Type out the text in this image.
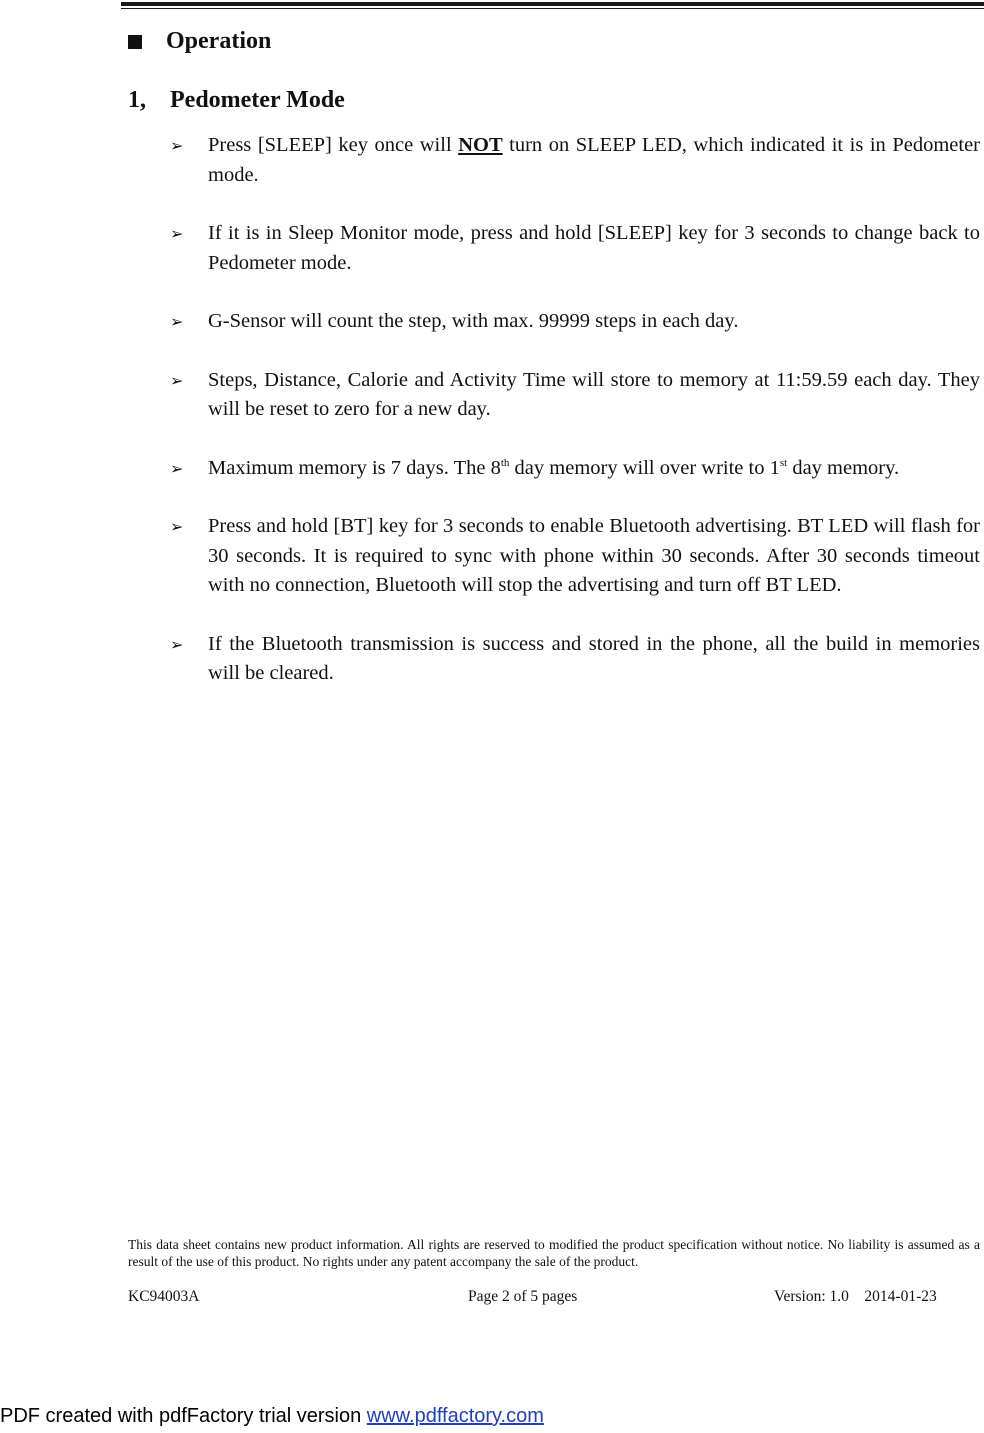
Operation
1, Pedometer Mode
➢ Press [SLEEP] key once will NOT turn on SLEEP LED, which indicated it is in Pedometer mode.
➢ If it is in Sleep Monitor mode, press and hold [SLEEP] key for 3 seconds to change back to Pedometer mode.
➢ G-Sensor will count the step, with max. 99999 steps in each day.
➢ Steps, Distance, Calorie and Activity Time will store to memory at 11:59.59 each day. They will be reset to zero for a new day.
➢ Maximum memory is 7 days. The 8th day memory will over write to 1st day memory.
➢ Press and hold [BT] key for 3 seconds to enable Bluetooth advertising. BT LED will flash for 30 seconds. It is required to sync with phone within 30 seconds. After 30 seconds timeout with no connection, Bluetooth will stop the advertising and turn off BT LED.
➢ If the Bluetooth transmission is success and stored in the phone, all the build in memories will be cleared.
This data sheet contains new product information. All rights are reserved to modified the product specification without notice. No liability is assumed as a result of the use of this product. No rights under any patent accompany the sale of the product.
KC94003A	Page 2 of 5 pages	Version: 1.0    2014-01-23
PDF created with pdfFactory trial version www.pdffactory.com
